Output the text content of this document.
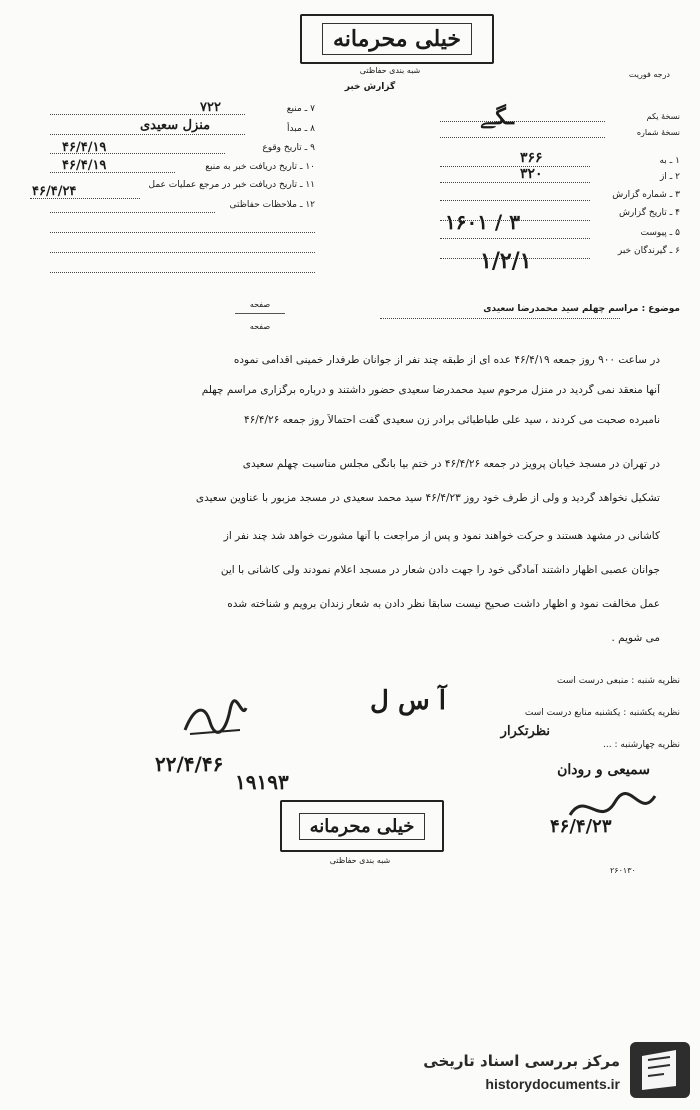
خیلی محرمانه
شبه بندی حفاظتی
گزارش خبر
درجه فوریت
نسخهٔ یکم
نسخهٔ شماره
ـﮕﮯ
۱ ـ به
۳۶۶
۲ ـ از
۳۲۰
۳ ـ شماره گزارش
۴ ـ تاریخ گزارش
۱۶۰۱ / ۳	۵ ـ پیوست
۶ ـ گیرندگان خبر
۱/۲/۱
۷ ـ منبع
۷۲۲
۸ ـ مبدأ
منزل سعیدی
۹ ـ تاریخ وقوع
۴۶/۴/۱۹
۱۰ ـ تاریخ دریافت خبر به منبع
۴۶/۴/۱۹
۱۱ ـ تاریخ دریافت خبر در مرجع عملیات عمل
۴۶/۴/۲۴
۱۲ ـ ملاحظات حفاظتی
صفحه
صفحه
موضوع : مراسم چهلم سید محمدرضا سعیدی
در ساعت ۹۰۰ روز جمعه ۴۶/۴/۱۹ عده ای از طبقه چند نفر از جوانان طرفدار خمینی اقدامی نموده
آنها منعقد نمی گردید در منزل مرحوم سید محمدرضا سعیدی حضور داشتند و درباره برگزاری مراسم چهلم
نامبرده صحبت می کردند ، سید علی طباطبائی برادر زن سعیدی گفت احتمالاً روز جمعه ۴۶/۴/۲۶
در تهران در مسجد خیابان پرویز در جمعه ۴۶/۴/۲۶ در ختم بیا بانگی مجلس مناسبت چهلم سعیدی
تشکیل نخواهد گردید و ولی از طرف خود روز ۴۶/۴/۲۳ سید محمد سعیدی در مسجد مزبور با عناوین سعیدی
کاشانی در مشهد هستند و حرکت خواهند نمود و پس از مراجعت با آنها مشورت خواهد شد چند نفر از
جوانان عصبی اظهار داشتند آمادگی خود را جهت دادن شعار در مسجد اعلام نمودند ولی کاشانی با این
عمل مخالفت نمود و اظهار داشت صحیح نیست سابقاً نظر دادن به شعار زندان برویم و شناخته شده
می شویم .
نظریه شنبه : منبعی درست است
نظریه یکشنبه : یکشنبه منابع درست است
نظریه چهارشنبه : ...
آ س ل
نظرتکرار
۲۲/۴/۴۶
۱۹۱۹۳	سمیعی و رودان
۴۶/۴/۲۳
خیلی محرمانه
شبه بندی حفاظتی
۲۶۰۱۳۰
مرکز بررسی اسناد تاریخی
historydocuments.ir
